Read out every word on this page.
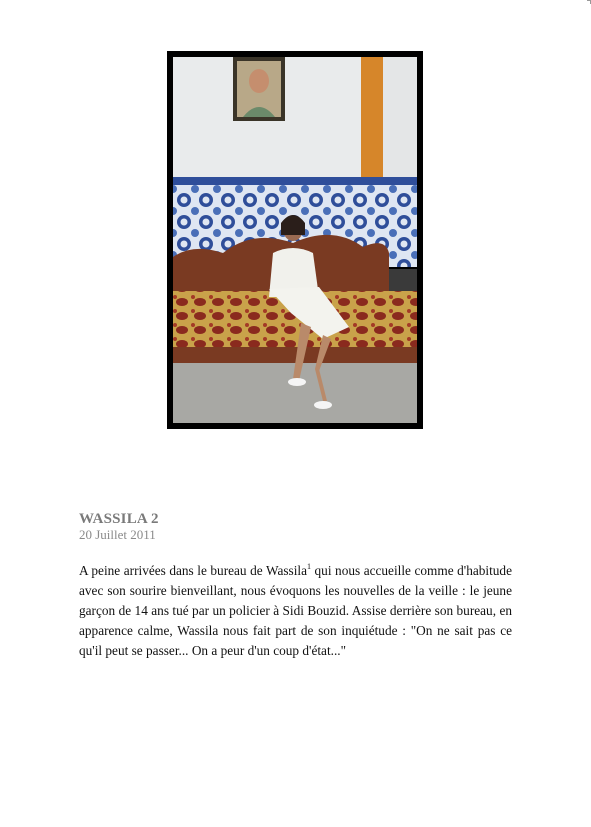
WASSILA 2
20 Juillet 2011

A peine arrivées dans le bureau de Wassila$^1$ qui nous accueille comme d'habitude avec son sourire bienveillant, nous évoquons les nouvelles de la veille : le jeune garçon de 14 ans tué par un policier à Sidi Bouzid. Assise derrière son bureau, en apparence calme, Wassila nous fait part de son inquiétude : "On ne sait pas ce qu'il peut se passer... On a peur d'un coup d'état..."
